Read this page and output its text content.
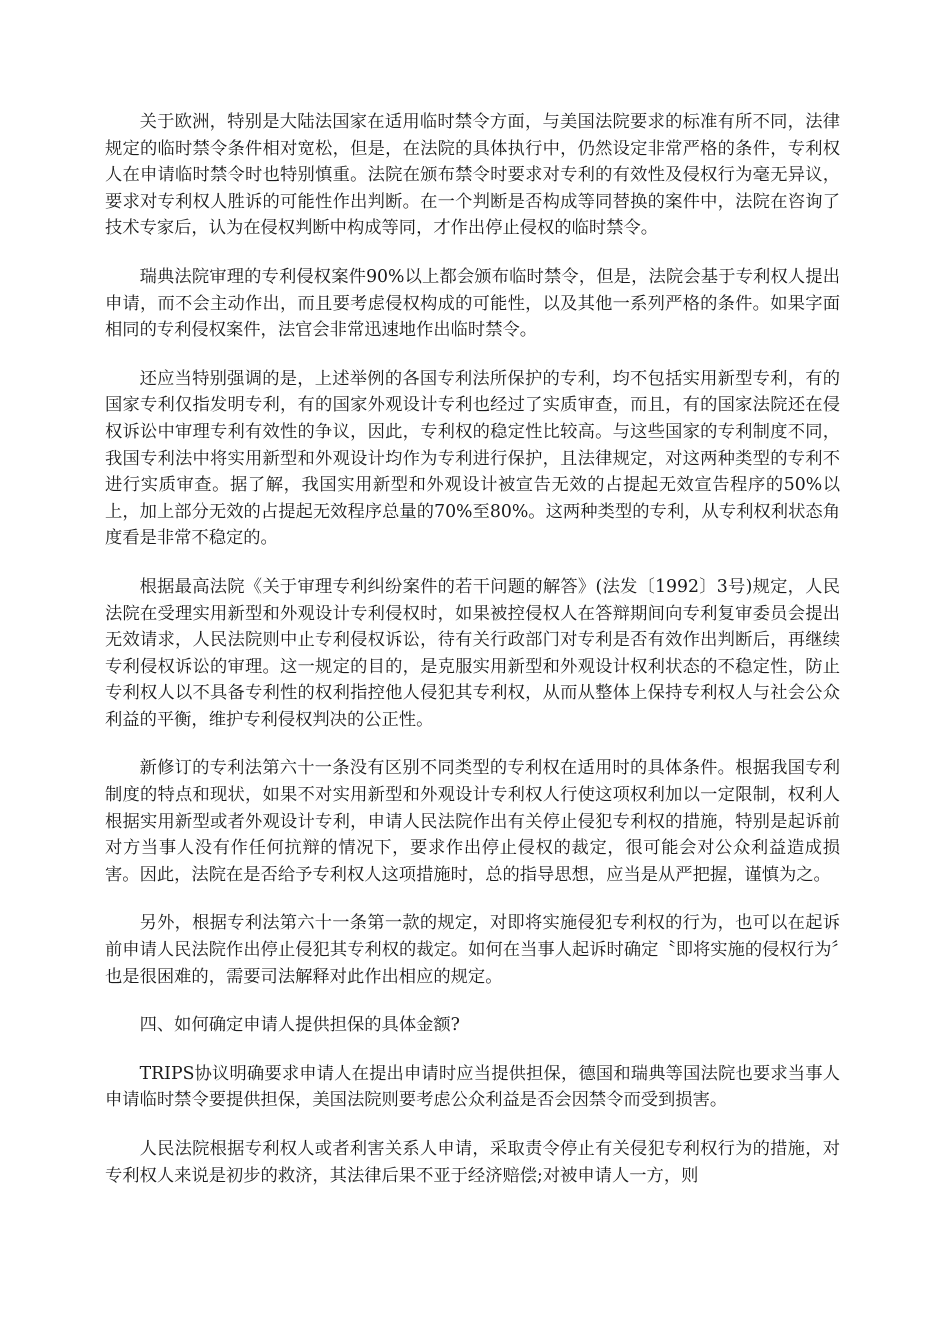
关于欧洲，特别是大陆法国家在适用临时禁令方面，与美国法院要求的标准有所不同，法律规定的临时禁令条件相对宽松，但是，在法院的具体执行中，仍然设定非常严格的条件，专利权人在申请临时禁令时也特别慎重。法院在颁布禁令时要求对专利的有效性及侵权行为毫无异议，要求对专利权人胜诉的可能性作出判断。在一个判断是否构成等同替换的案件中，法院在咨询了技术专家后，认为在侵权判断中构成等同，才作出停止侵权的临时禁令。

瑞典法院审理的专利侵权案件90%以上都会颁布临时禁令，但是，法院会基于专利权人提出申请，而不会主动作出，而且要考虑侵权构成的可能性，以及其他一系列严格的条件。如果字面相同的专利侵权案件，法官会非常迅速地作出临时禁令。

还应当特别强调的是，上述举例的各国专利法所保护的专利，均不包括实用新型专利，有的国家专利仅指发明专利，有的国家外观设计专利也经过了实质审查，而且，有的国家法院还在侵权诉讼中审理专利有效性的争议，因此，专利权的稳定性比较高。与这些国家的专利制度不同，我国专利法中将实用新型和外观设计均作为专利进行保护，且法律规定，对这两种类型的专利不进行实质审查。据了解，我国实用新型和外观设计被宣告无效的占提起无效宣告程序的50%以上，加上部分无效的占提起无效程序总量的70%至80%。这两种类型的专利，从专利权利状态角度看是非常不稳定的。

根据最高法院《关于审理专利纠纷案件的若干问题的解答》(法发〔1992〕3号)规定，人民法院在受理实用新型和外观设计专利侵权时，如果被控侵权人在答辩期间向专利复审委员会提出无效请求，人民法院则中止专利侵权诉讼，待有关行政部门对专利是否有效作出判断后，再继续专利侵权诉讼的审理。这一规定的目的，是克服实用新型和外观设计权利状态的不稳定性，防止专利权人以不具备专利性的权利指控他人侵犯其专利权，从而从整体上保持专利权人与社会公众利益的平衡，维护专利侵权判决的公正性。

新修订的专利法第六十一条没有区别不同类型的专利权在适用时的具体条件。根据我国专利制度的特点和现状，如果不对实用新型和外观设计专利权人行使这项权利加以一定限制，权利人根据实用新型或者外观设计专利，申请人民法院作出有关停止侵犯专利权的措施，特别是起诉前对方当事人没有作任何抗辩的情况下，要求作出停止侵权的裁定，很可能会对公众利益造成损害。因此，法院在是否给予专利权人这项措施时，总的指导思想，应当是从严把握，谨慎为之。

另外，根据专利法第六十一条第一款的规定，对即将实施侵犯专利权的行为，也可以在起诉前申请人民法院作出停止侵犯其专利权的裁定。如何在当事人起诉时确定〝即将实施的侵权行为〞也是很困难的，需要司法解释对此作出相应的规定。

四、如何确定申请人提供担保的具体金额?

TRIPS协议明确要求申请人在提出申请时应当提供担保，德国和瑞典等国法院也要求当事人申请临时禁令要提供担保，美国法院则要考虑公众利益是否会因禁令而受到损害。

人民法院根据专利权人或者利害关系人申请，采取责令停止有关侵犯专利权行为的措施，对专利权人来说是初步的救济，其法律后果不亚于经济赔偿;对被申请人一方，则
